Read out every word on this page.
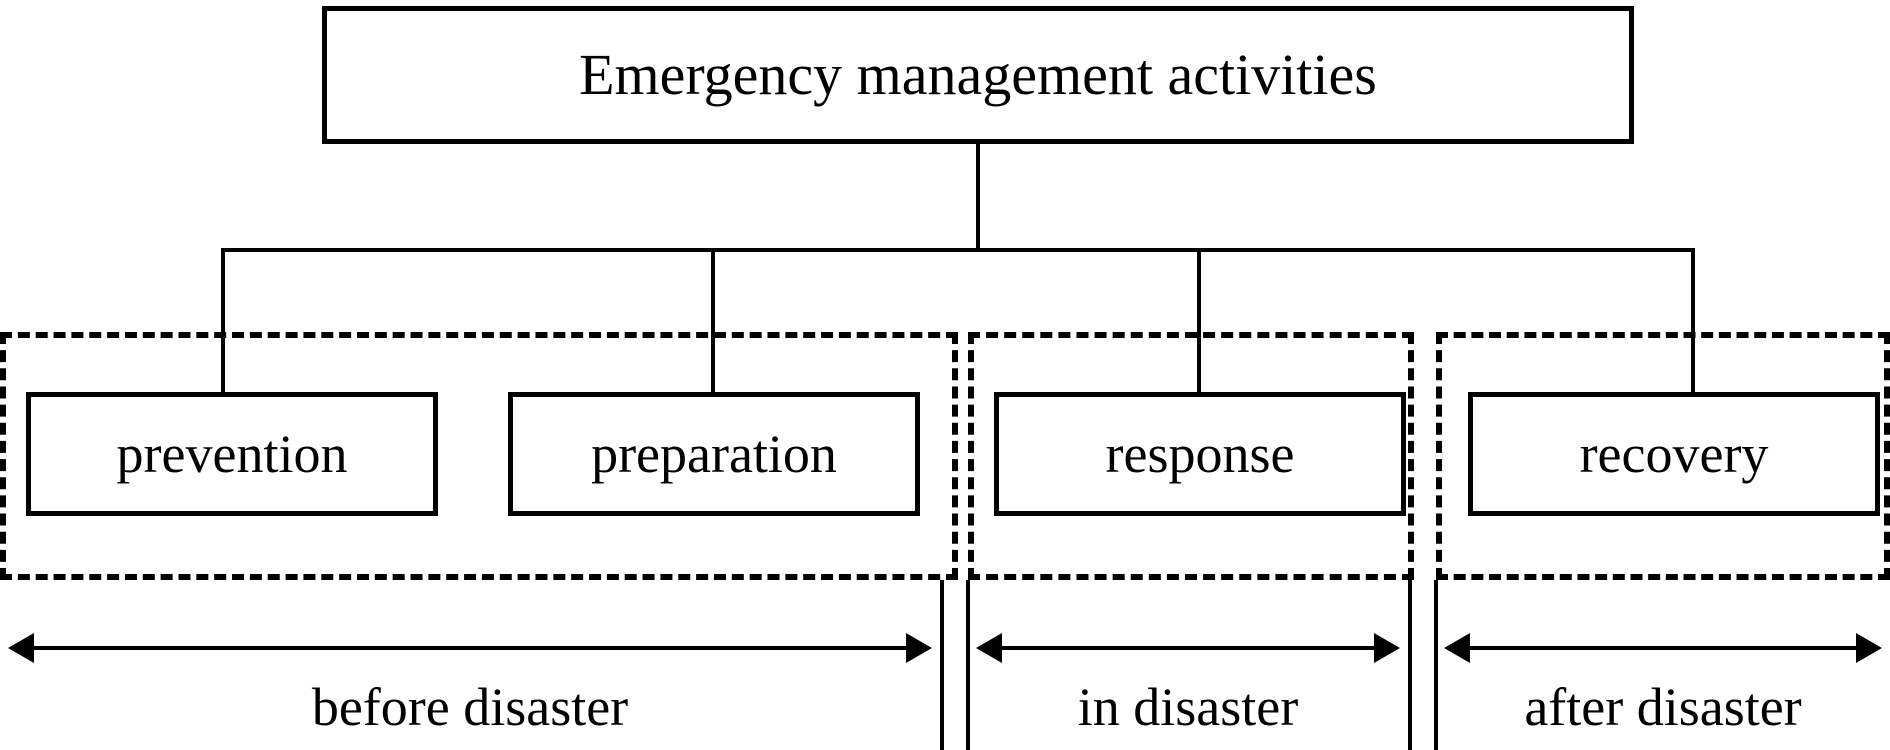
Emergency management activities
prevention	preparation	response	recovery
before disaster	in disaster	after disaster
